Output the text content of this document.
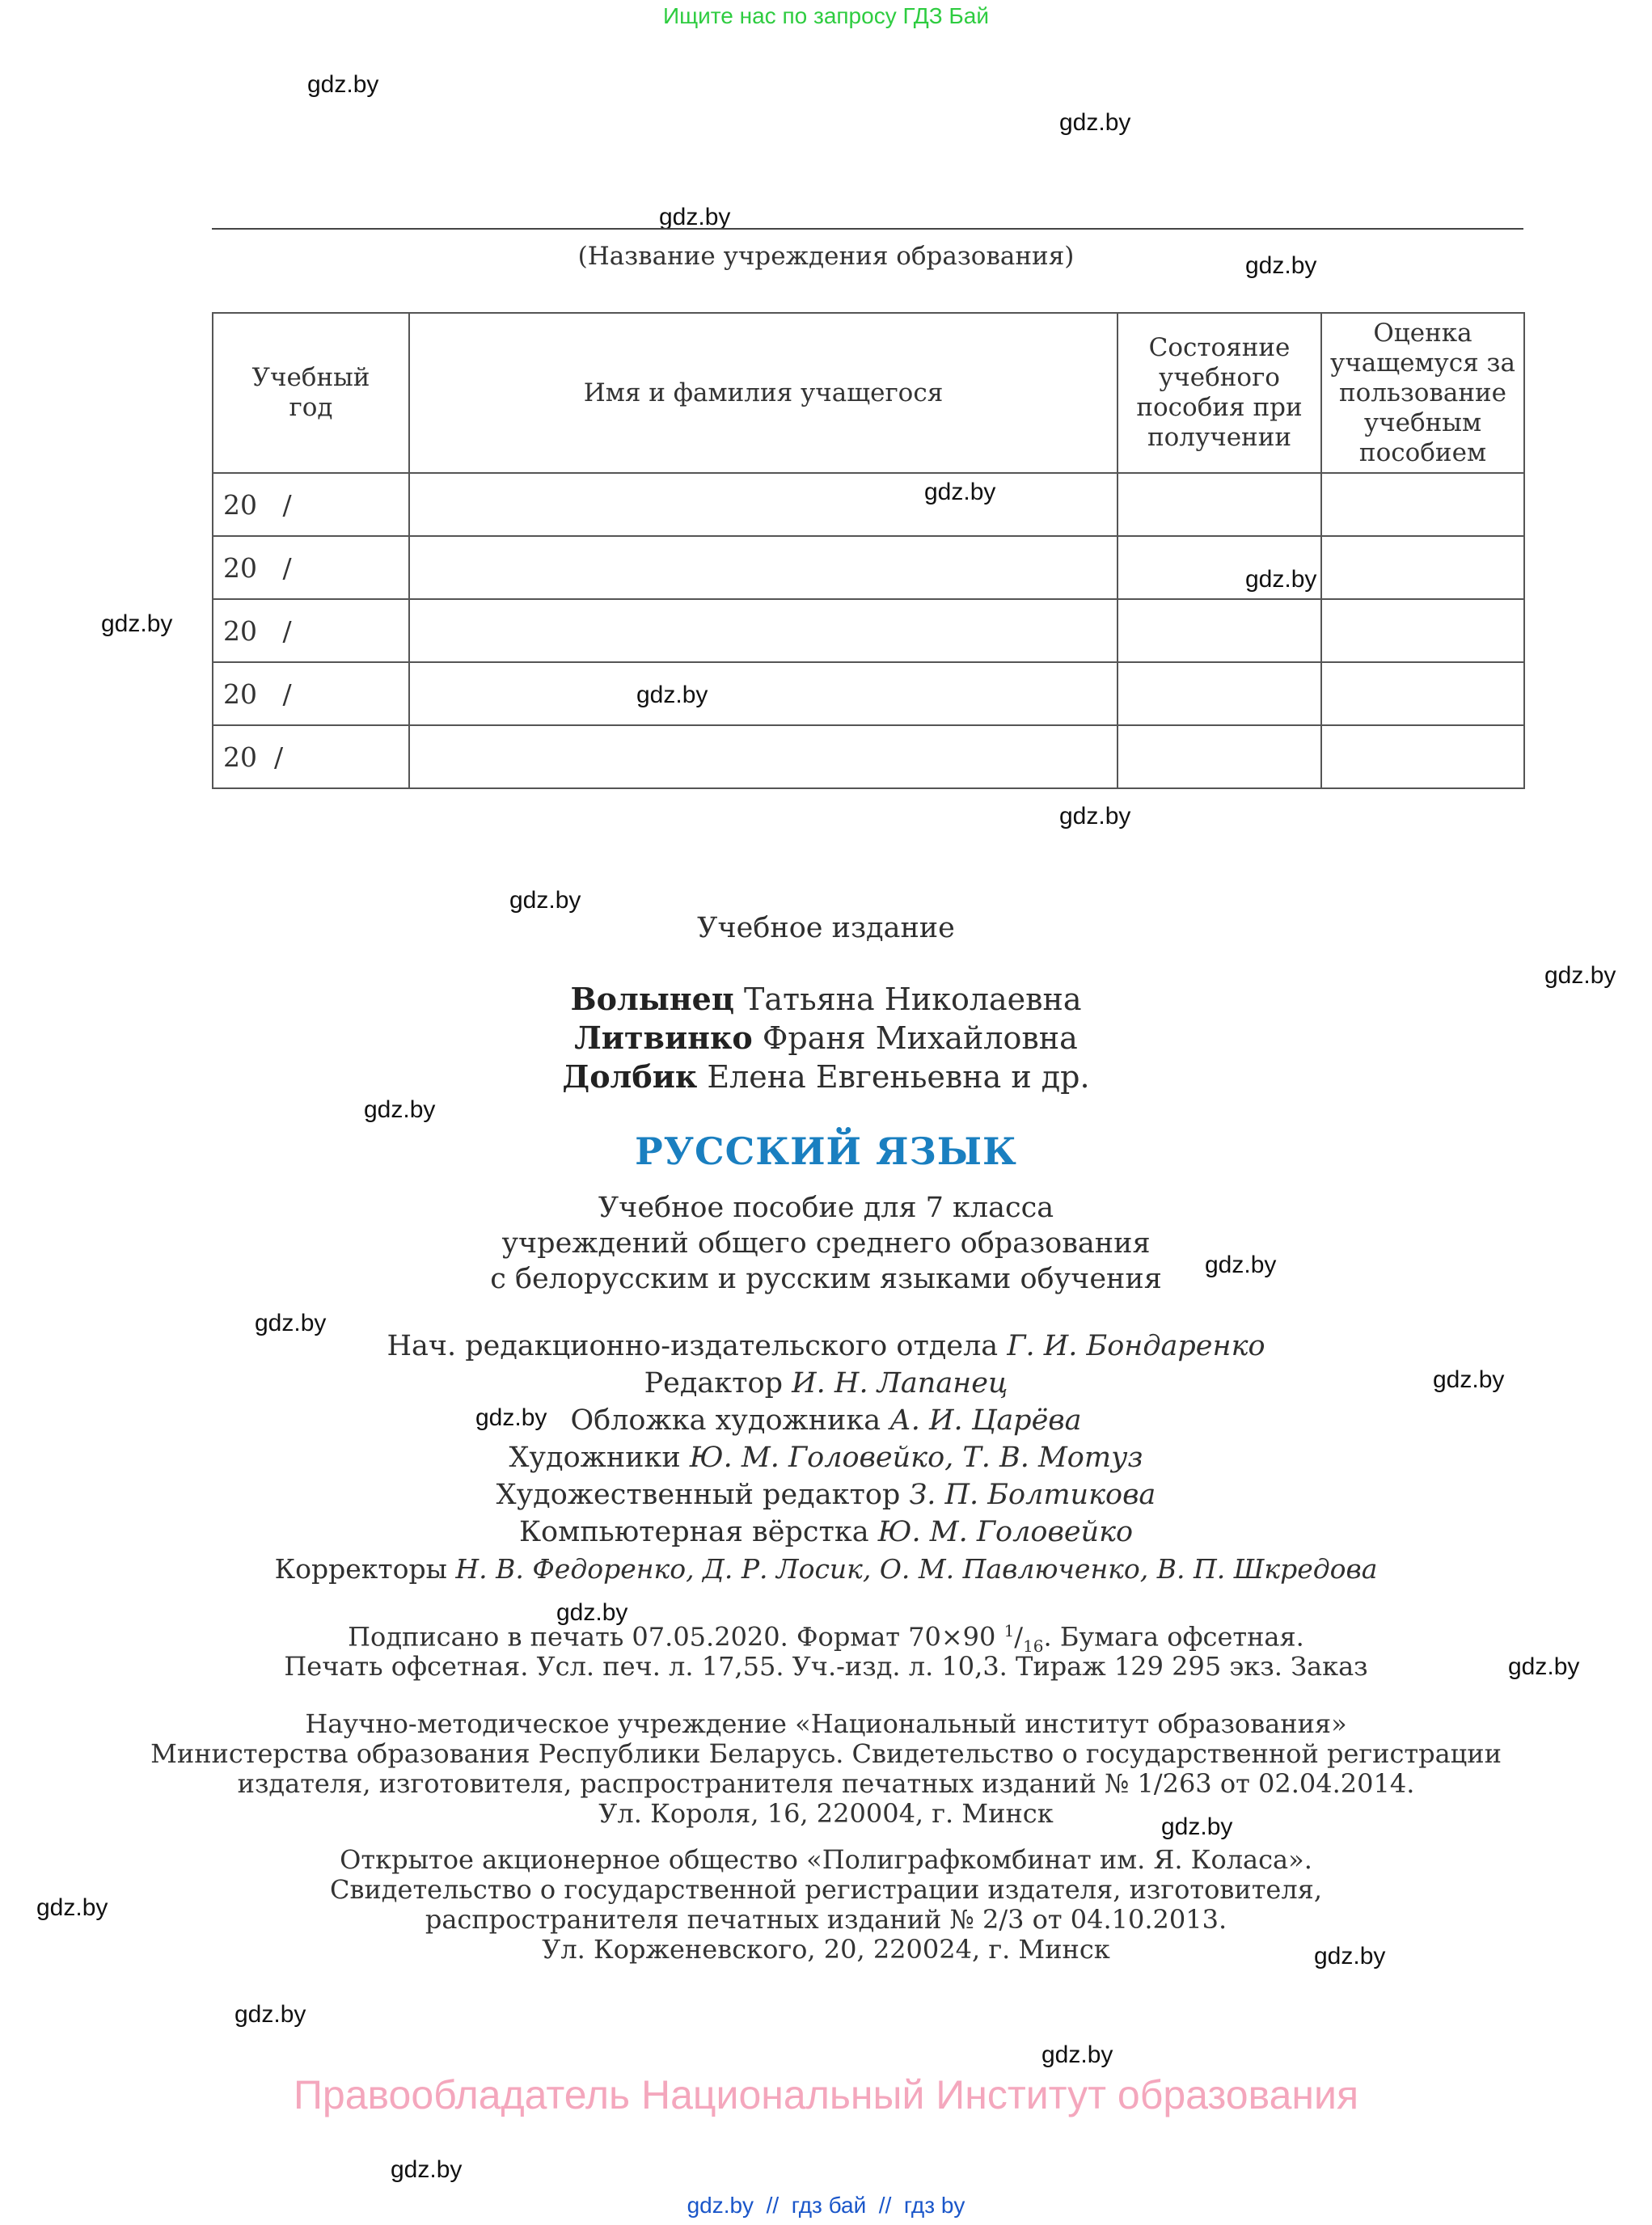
Ищите нас по запросу ГДЗ Бай
gdz.by
gdz.by
gdz.by
gdz.by
gdz.by
gdz.by
gdz.by
gdz.by
gdz.by
gdz.by
gdz.by
gdz.by
gdz.by
gdz.by
gdz.by
gdz.by
gdz.by
gdz.by
gdz.by
gdz.by
gdz.by
gdz.by
gdz.by
gdz.by
(Название учреждения образования)
Учебный год	Имя и фамилия учащегося	Состояние учебного пособия при получении	Оценка учащемуся за пользование учебным пособием
20   /			
20   /			
20   /			
20   /			
20  /			
Учебное издание
Волынец Татьяна Николаевна
Литвинко Франя Михайловна
Долбик Елена Евгеньевна и др.
РУССКИЙ ЯЗЫК
Учебное пособие для 7 класса
учреждений общего среднего образования
с белорусским и русским языками обучения
Нач. редакционно-издательского отдела Г. И. Бондаренко
Редактор И. Н. Лапанец
Обложка художника А. И. Царёва
Художники Ю. М. Головейко, Т. В. Мотуз
Художественный редактор З. П. Болтикова
Компьютерная вёрстка Ю. М. Головейко
Корректоры Н. В. Федоренко, Д. Р. Лосик, О. М. Павлюченко, В. П. Шкредова
Подписано в печать 07.05.2020. Формат 70×90 $^1/_{16}$. Бумага офсетная.
Печать офсетная. Усл. печ. л. 17,55. Уч.-изд. л. 10,3. Тираж 129 295 экз. Заказ
Научно-методическое учреждение «Национальный институт образования»
Министерства образования Республики Беларусь. Свидетельство о государственной регистрации
издателя, изготовителя, распространителя печатных изданий № 1/263 от 02.04.2014.
Ул. Короля, 16, 220004, г. Минск
Открытое акционерное общество «Полиграфкомбинат им. Я. Коласа».
Свидетельство о государственной регистрации издателя, изготовителя,
распространителя печатных изданий № 2/3 от 04.10.2013.
Ул. Корженевского, 20, 220024, г. Минск
Правообладатель Национальный Институт образования
gdz.by  //  гдз бай  //  гдз by
